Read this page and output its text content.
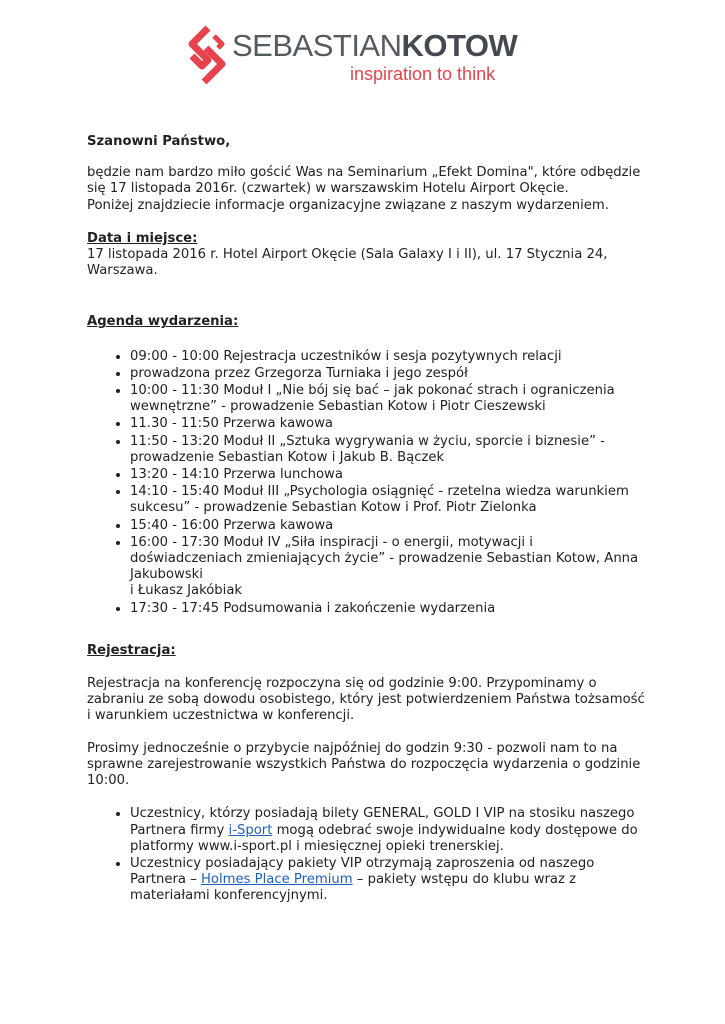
SEBASTIANKOTOW
inspiration to think

Szanowni Państwo,

będzie nam bardzo miło gościć Was na Seminarium „Efekt Domina", które odbędzie się 17 listopada 2016r. (czwartek) w warszawskim Hotelu Airport Okęcie.

Poniżej znajdziecie informacje organizacyjne związane z naszym wydarzeniem.

Data i miejsce:

17 listopada 2016 r. Hotel Airport Okęcie (Sala Galaxy I i II), ul. 17 Stycznia 24, Warszawa.

Agenda wydarzenia:

• 09:00 - 10:00 Rejestracja uczestników i sesja pozytywnych relacji
• prowadzona przez Grzegorza Turniaka i jego zespół
• 10:00 - 11:30 Moduł I „Nie bój się bać – jak pokonać strach i ograniczenia wewnętrzne” - prowadzenie Sebastian Kotow i Piotr Cieszewski
• 11.30 - 11:50 Przerwa kawowa
• 11:50 - 13:20 Moduł II „Sztuka wygrywania w życiu, sporcie i biznesie” - prowadzenie Sebastian Kotow i Jakub B. Bączek
• 13:20 - 14:10 Przerwa lunchowa
• 14:10 - 15:40 Moduł III „Psychologia osiągnięć - rzetelna wiedza warunkiem sukcesu” - prowadzenie Sebastian Kotow i Prof. Piotr Zielonka
• 15:40 - 16:00 Przerwa kawowa
• 16:00 - 17:30 Moduł IV „Siła inspiracji - o energii, motywacji i doświadczeniach zmieniających życie” - prowadzenie Sebastian Kotow, Anna Jakubowski
i Łukasz Jakóbiak
• 17:30 - 17:45 Podsumowania i zakończenie wydarzenia

Rejestracja:

Rejestracja na konferencję rozpoczyna się od godzinie 9:00. Przypominamy o zabraniu ze sobą dowodu osobistego, który jest potwierdzeniem Państwa tożsamość i warunkiem uczestnictwa w konferencji.

Prosimy jednocześnie o przybycie najpóźniej do godzin 9:30 - pozwoli nam to na sprawne zarejestrowanie wszystkich Państwa do rozpoczęcia wydarzenia o godzinie 10:00.

• Uczestnicy, którzy posiadają bilety GENERAL, GOLD I VIP na stosiku naszego Partnera firmy i-Sport mogą odebrać swoje indywidualne kody dostępowe do platformy www.i-sport.pl i miesięcznej opieki trenerskiej.
• Uczestnicy posiadający pakiety VIP otrzymają zaproszenia od naszego Partnera – Holmes Place Premium – pakiety wstępu do klubu wraz z materiałami konferencyjnymi.
